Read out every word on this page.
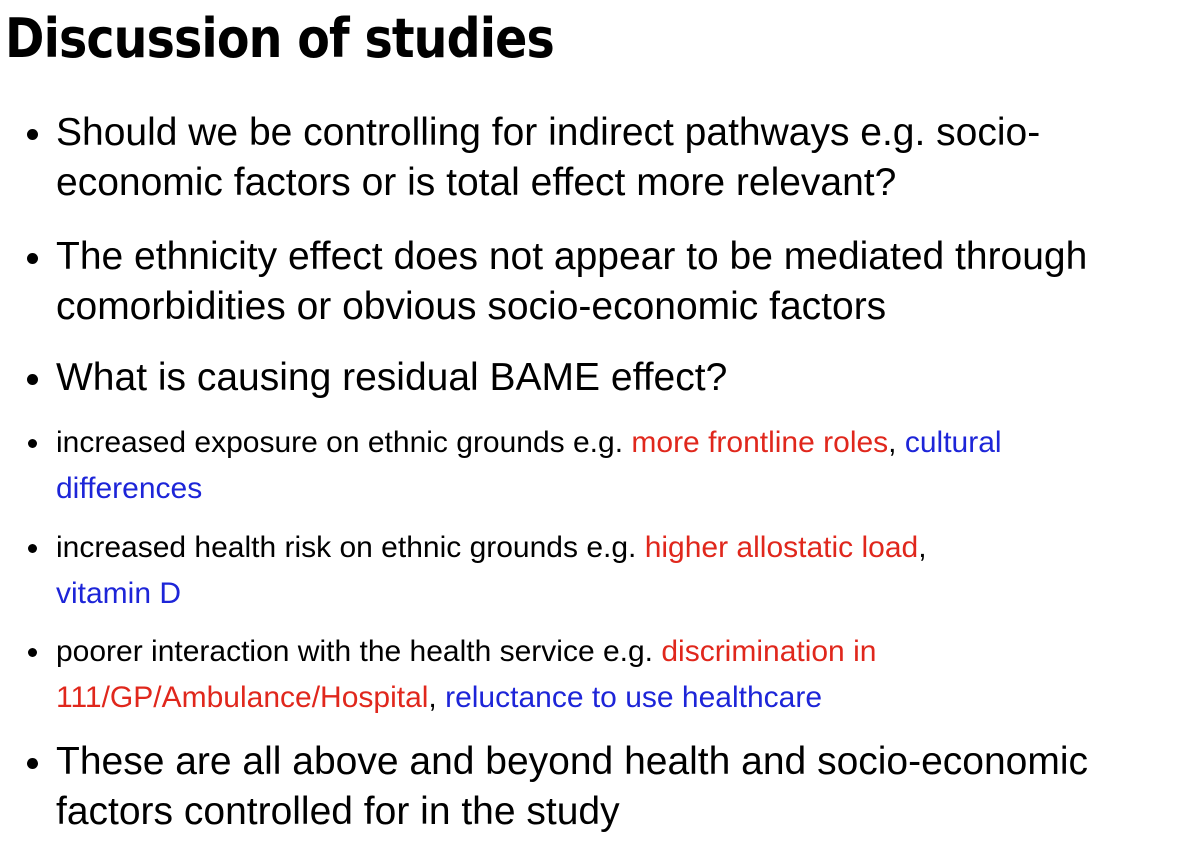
Discussion of studies
Should we be controlling for indirect pathways e.g. socio-
economic factors or is total effect more relevant?
The ethnicity effect does not appear to be mediated through
comorbidities or obvious socio-economic factors
What is causing residual BAME effect?
increased exposure on ethnic grounds e.g. more frontline roles, cultural
differences
increased health risk on ethnic grounds e.g. higher allostatic load,
vitamin D
poorer interaction with the health service e.g. discrimination in
111/GP/Ambulance/Hospital, reluctance to use healthcare
These are all above and beyond health and socio-economic
factors controlled for in the study
